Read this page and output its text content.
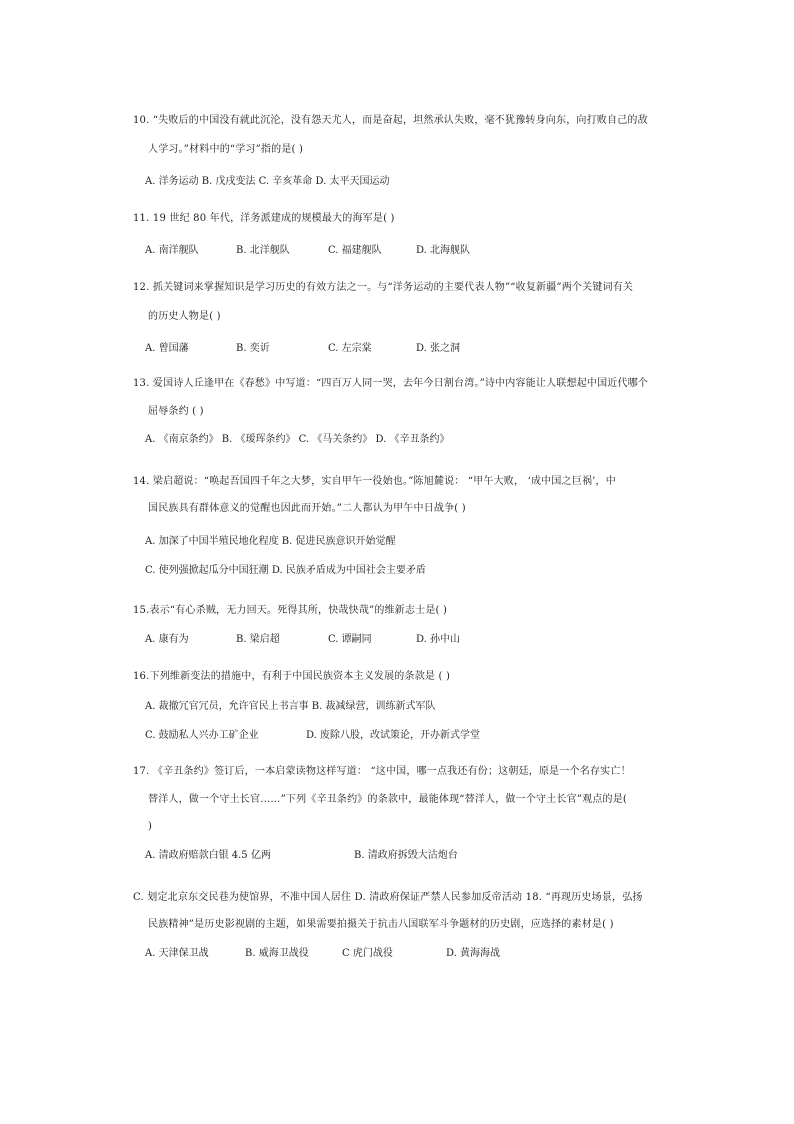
10. “失败后的中国没有就此沉沦，没有怨天尤人，而是奋起，坦然承认失败，毫不犹豫转身向东，向打败自己的敌
人学习。”材料中的“学习”指的是( )
A. 洋务运动 B. 戊戌变法 C. 辛亥革命 D. 太平天国运动
11. 19 世纪 80 年代，洋务派建成的规模最大的海军是( )
A. 南洋舰队	B. 北洋舰队	C. 福建舰队	D. 北海舰队
12. 抓关键词来掌握知识是学习历史的有效方法之一。与“洋务运动的主要代表人物”“收复新疆”两个关键词有关
的历史人物是( )
A. 曾国藩	B. 奕䜣	C. 左宗棠	D. 张之洞
13. 爱国诗人丘逢甲在《春愁》中写道：“四百万人同一哭，去年今日割台湾。”诗中内容能让人联想起中国近代哪个
屈辱条约 ( )
A. 《南京条约》 B. 《瑷珲条约》 C. 《马关条约》 D. 《辛丑条约》
14. 梁启超说：“唤起吾国四千年之大梦，实自甲午一役始也。”陈旭麓说： “甲午大败， ‘成中国之巨祸’，中
国民族具有群体意义的觉醒也因此而开始。”二人都认为甲午中日战争( )
A. 加深了中国半殖民地化程度 B. 促进民族意识开始觉醒
C. 使列强掀起瓜分中国狂潮 D. 民族矛盾成为中国社会主要矛盾
15.表示“有心杀贼，无力回天。死得其所，快哉快哉”的维新志士是( )
A. 康有为	B. 梁启超	C. 谭嗣同	D. 孙中山
16.下列维新变法的措施中，有利于中国民族资本主义发展的条款是 ( )
A. 裁撤冗官冗员，允许官民上书言事 B. 裁减绿营，训练新式军队
C. 鼓励私人兴办工矿企业	D. 废除八股，改试策论，开办新式学堂
17. 《辛丑条约》签订后，一本启蒙读物这样写道： “这中国，哪一点我还有份；这朝廷，原是一个名存实亡！
替洋人，做一个守土长官……”下列《辛丑条约》的条款中，最能体现“替洋人，做一个守土长官”观点的是(
)
A. 清政府赔款白银 4.5 亿两	B. 清政府拆毁大沽炮台
C. 划定北京东交民巷为使馆界，不准中国人居住 D. 清政府保证严禁人民参加反帝活动 18. “再现历史场景，弘扬
民族精神”是历史影视剧的主题，如果需要拍摄关于抗击八国联军斗争题材的历史剧，应选择的素材是( )
A. 天津保卫战	B. 威海卫战役	C 虎门战役	D. 黄海海战
